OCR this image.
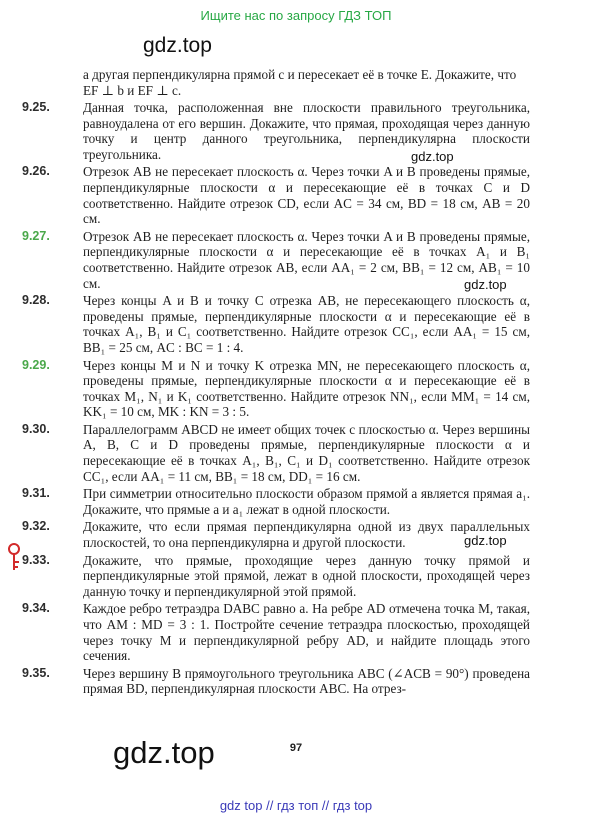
Ищите нас по запросу ГДЗ ТОП
gdz.top
gdz.top
gdz.top
gdz.top
gdz.top

а другая перпендикулярна прямой c и пересекает её в точке E. Докажите, что EF ⊥ b и EF ⊥ c.

9.25.	Данная точка, расположенная вне плоскости правильного треугольника, равноудалена от его вершин. Докажите, что прямая, проходящая через данную точку и центр данного треугольника, перпендикулярна плоскости треугольника.
9.26.	Отрезок AB не пересекает плоскость α. Через точки A и B проведены прямые, перпендикулярные плоскости α и пересекающие её в точках C и D соответственно. Найдите отрезок CD, если AC = 34 см, BD = 18 см, AB = 20 см.
9.27.	Отрезок AB не пересекает плоскость α. Через точки A и B проведены прямые, перпендикулярные плоскости α и пересекающие её в точках A₁ и B₁ соответственно. Найдите отрезок AB, если AA₁ = 2 см, BB₁ = 12 см, AB₁ = 10 см.
9.28.	Через концы A и B и точку C отрезка AB, не пересекающего плоскость α, проведены прямые, перпендикулярные плоскости α и пересекающие её в точках A₁, B₁ и C₁ соответственно. Найдите отрезок CC₁, если AA₁ = 15 см, BB₁ = 25 см, AC : BC = 1 : 4.
9.29.	Через концы M и N и точку K отрезка MN, не пересекающего плоскость α, проведены прямые, перпендикулярные плоскости α и пересекающие её в точках M₁, N₁ и K₁ соответственно. Найдите отрезок NN₁, если MM₁ = 14 см, KK₁ = 10 см, MK : KN = 3 : 5.
9.30.	Параллелограмм ABCD не имеет общих точек с плоскостью α. Через вершины A, B, C и D проведены прямые, перпендикулярные плоскости α и пересекающие её в точках A₁, B₁, C₁ и D₁ соответственно. Найдите отрезок CC₁, если AA₁ = 11 см, BB₁ = 18 см, DD₁ = 16 см.
9.31.	При симметрии относительно плоскости образом прямой a является прямая a₁. Докажите, что прямые a и a₁ лежат в одной плоскости.
9.32.	Докажите, что если прямая перпендикулярна одной из двух параллельных плоскостей, то она перпендикулярна и другой плоскости.
9.33.	Докажите, что прямые, проходящие через данную точку прямой и перпендикулярные этой прямой, лежат в одной плоскости, проходящей через данную точку и перпендикулярной этой прямой.
9.34.	Каждое ребро тетраэдра DABC равно a. На ребре AD отмечена точка M, такая, что AM : MD = 3 : 1. Постройте сечение тетраэдра плоскостью, проходящей через точку M и перпендикулярной ребру AD, и найдите площадь этого сечения.
9.35.	Через вершину B прямоугольного треугольника ABC (∠ACB = 90°) проведена прямая BD, перпендикулярная плоскости ABC. На отрез-
97
gdz top // гдз топ // гдз top
